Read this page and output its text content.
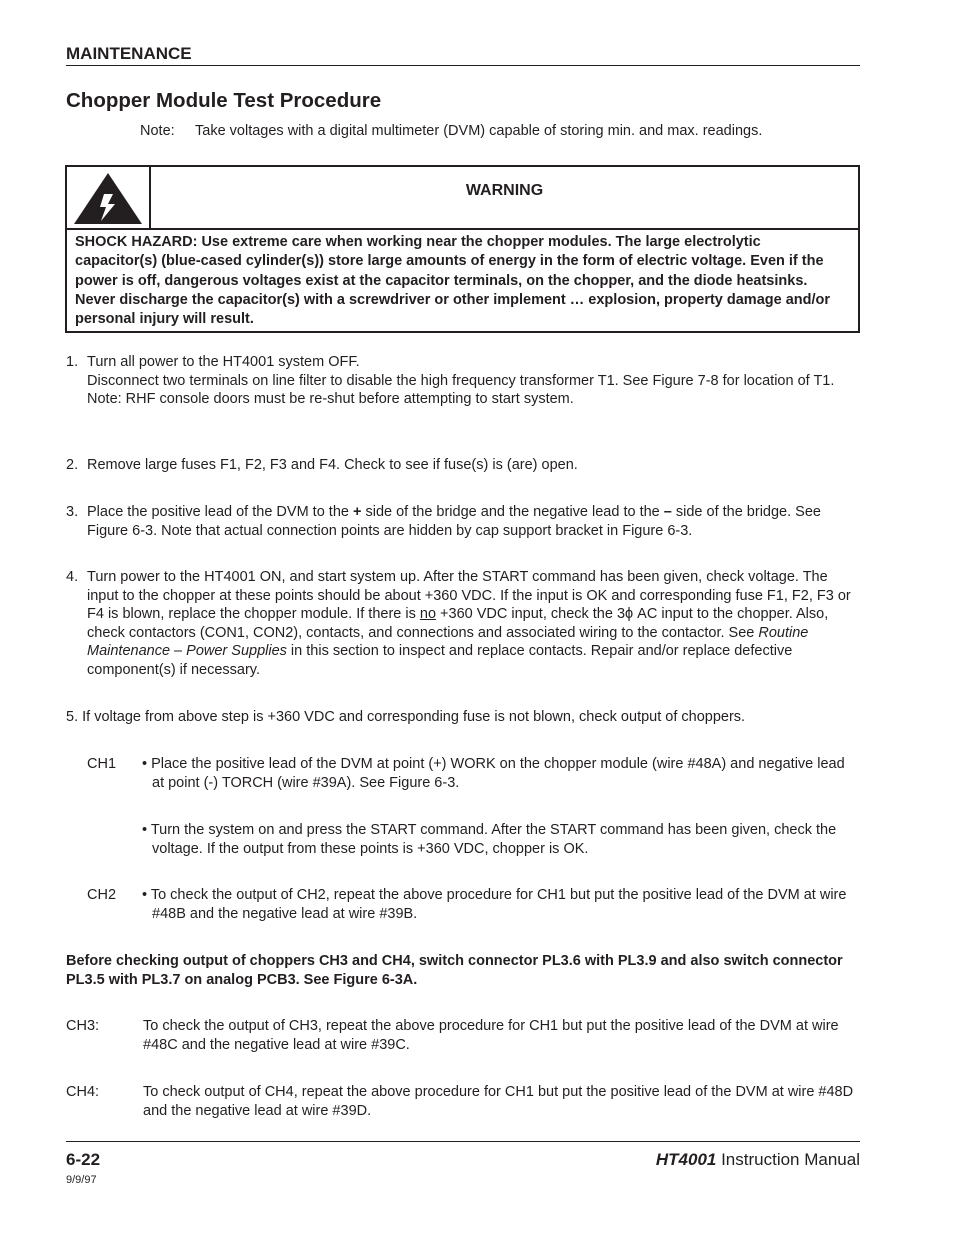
MAINTENANCE
Chopper Module Test Procedure
Note: Take voltages with a digital multimeter (DVM) capable of storing min. and max. readings.
WARNING
SHOCK HAZARD: Use extreme care when working near the chopper modules. The large electrolytic capacitor(s) (blue-cased cylinder(s)) store large amounts of energy in the form of electric voltage. Even if the power is off, dangerous voltages exist at the capacitor terminals, on the chopper, and the diode heatsinks. Never discharge the capacitor(s) with a screwdriver or other implement … explosion, property damage and/or personal injury will result.
1. Turn all power to the HT4001 system OFF.
Disconnect two terminals on line filter to disable the high frequency transformer T1. See Figure 7-8 for location of T1.
Note: RHF console doors must be re-shut before attempting to start system.
2. Remove large fuses F1, F2, F3 and F4. Check to see if fuse(s) is (are) open.
3. Place the positive lead of the DVM to the + side of the bridge and the negative lead to the – side of the bridge. See Figure 6-3. Note that actual connection points are hidden by cap support bracket in Figure 6-3.
4. Turn power to the HT4001 ON, and start system up. After the START command has been given, check voltage. The input to the chopper at these points should be about +360 VDC. If the input is OK and corresponding fuse F1, F2, F3 or F4 is blown, replace the chopper module. If there is no +360 VDC input, check the 3ϕ AC input to the chopper. Also, check contactors (CON1, CON2), contacts, and connections and associated wiring to the contactor. See Routine Maintenance – Power Supplies in this section to inspect and replace contacts. Repair and/or replace defective component(s) if necessary.
5. If voltage from above step is +360 VDC and corresponding fuse is not blown, check output of choppers.
CH1 • Place the positive lead of the DVM at point (+) WORK on the chopper module (wire #48A) and negative lead at point (-) TORCH (wire #39A). See Figure 6-3.
• Turn the system on and press the START command. After the START command has been given, check the voltage. If the output from these points is +360 VDC, chopper is OK.
CH2 • To check the output of CH2, repeat the above procedure for CH1 but put the positive lead of the DVM at wire #48B and the negative lead at wire #39B.
Before checking output of choppers CH3 and CH4, switch connector PL3.6 with PL3.9 and also switch connector PL3.5 with PL3.7 on analog PCB3. See Figure 6-3A.
CH3:	To check the output of CH3, repeat the above procedure for CH1 but put the positive lead of the DVM at wire #48C and the negative lead at wire #39C.
CH4:	To check output of CH4, repeat the above procedure for CH1 but put the positive lead of the DVM at wire #48D and the negative lead at wire #39D.
6-22
9/9/97
HT4001 Instruction Manual
